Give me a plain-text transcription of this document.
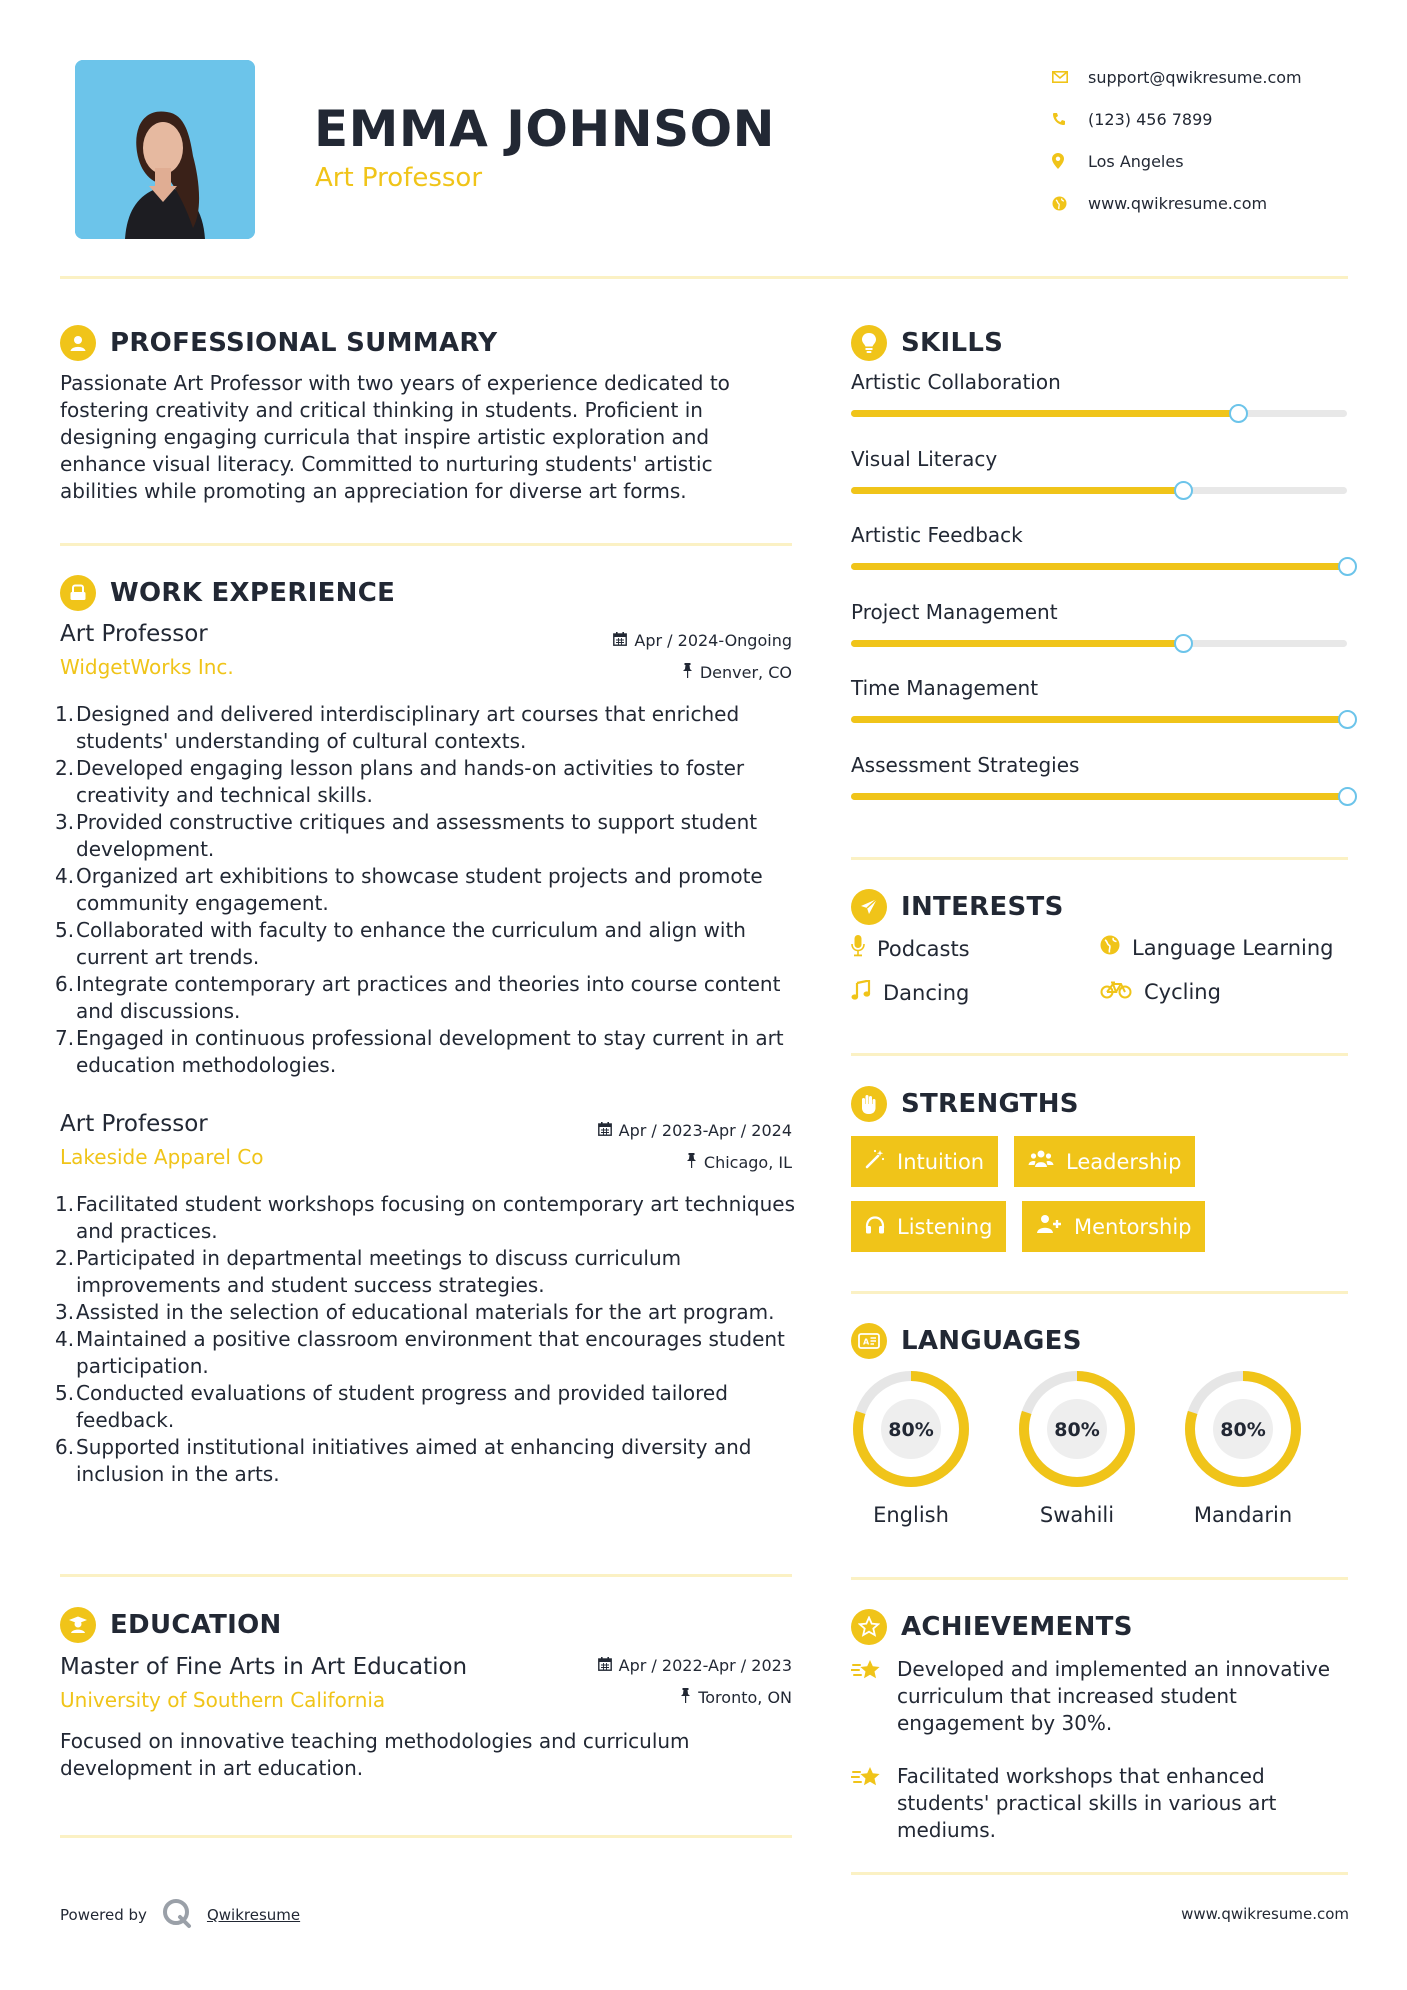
EMMA JOHNSON
Art Professor
support@qwikresume.com
(123) 456 7899
Los Angeles
www.qwikresume.com
PROFESSIONAL SUMMARY
Passionate Art Professor with two years of experience dedicated to fostering creativity and critical thinking in students. Proficient in designing engaging curricula that inspire artistic exploration and enhance visual literacy. Committed to nurturing students' artistic abilities while promoting an appreciation for diverse art forms.
WORK EXPERIENCE
Art Professor
WidgetWorks Inc.
Apr / 2024-Ongoing
Denver, CO
1. Designed and delivered interdisciplinary art courses that enriched students' understanding of cultural contexts.
2. Developed engaging lesson plans and hands-on activities to foster creativity and technical skills.
3. Provided constructive critiques and assessments to support student development.
4. Organized art exhibitions to showcase student projects and promote community engagement.
5. Collaborated with faculty to enhance the curriculum and align with current art trends.
6. Integrate contemporary art practices and theories into course content and discussions.
7. Engaged in continuous professional development to stay current in art education methodologies.
Art Professor
Lakeside Apparel Co
Apr / 2023-Apr / 2024
Chicago, IL
1. Facilitated student workshops focusing on contemporary art techniques and practices.
2. Participated in departmental meetings to discuss curriculum improvements and student success strategies.
3. Assisted in the selection of educational materials for the art program.
4. Maintained a positive classroom environment that encourages student participation.
5. Conducted evaluations of student progress and provided tailored feedback.
6. Supported institutional initiatives aimed at enhancing diversity and inclusion in the arts.
EDUCATION
Master of Fine Arts in Art Education
University of Southern California
Apr / 2022-Apr / 2023
Toronto, ON
Focused on innovative teaching methodologies and curriculum development in art education.
SKILLS
Artistic Collaboration
Visual Literacy
Artistic Feedback
Project Management
Time Management
Assessment Strategies
INTERESTS
Podcasts	Language Learning
Dancing	Cycling
STRENGTHS
Intuition	Leadership
Listening	Mentorship
A LANGUAGES
80%
English
80%
Swahili
80%
Mandarin
ACHIEVEMENTS
Developed and implemented an innovative curriculum that increased student engagement by 30%.
Facilitated workshops that enhanced students' practical skills in various art mediums.
Powered by	Qwikresume	www.qwikresume.com
